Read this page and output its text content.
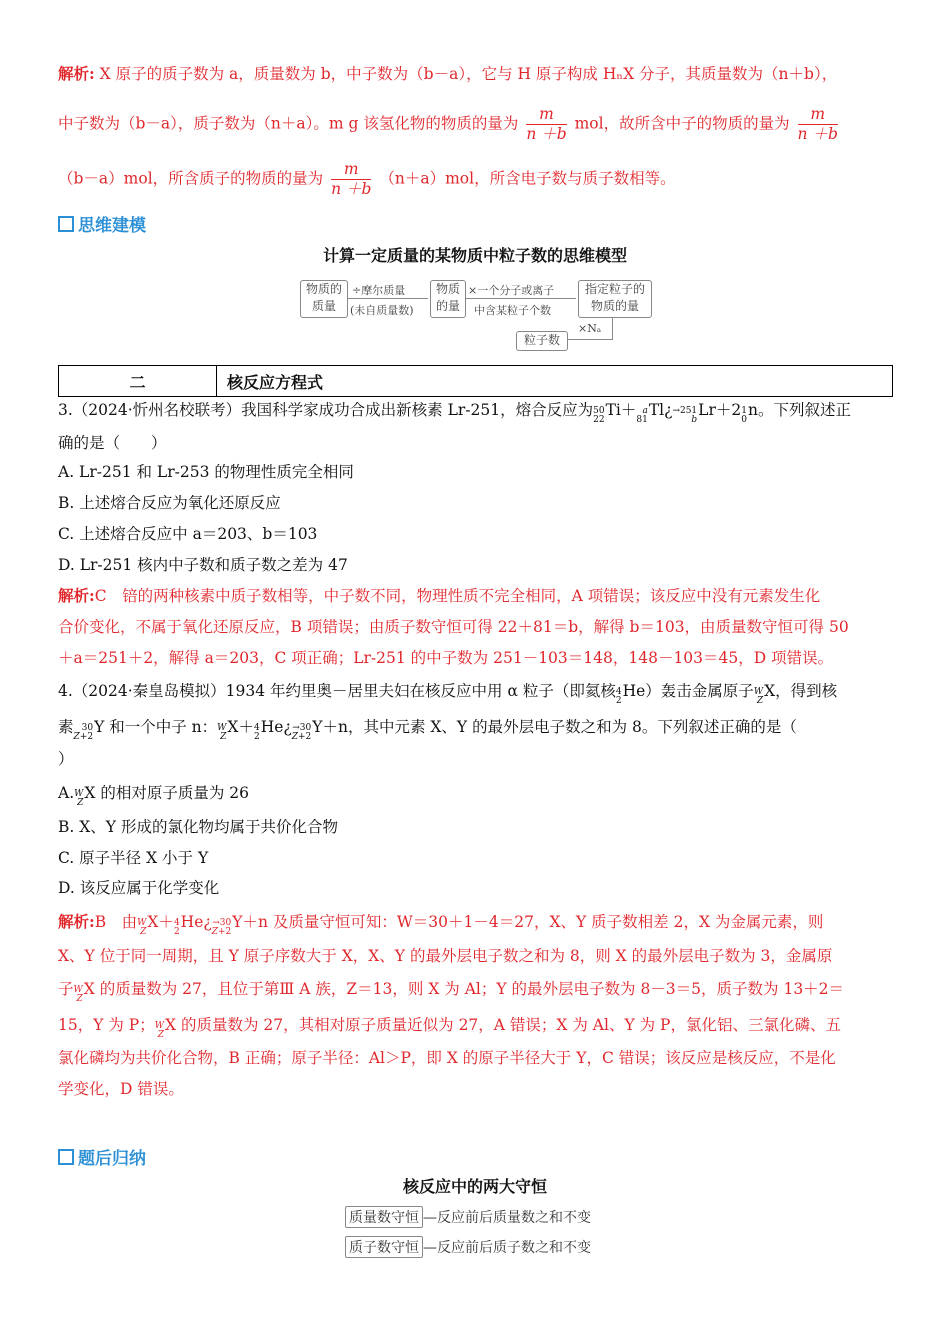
解析: X 原子的质子数为 a，质量数为 b，中子数为（b－a），它与 H 原子构成 HₙX 分子，其质量数为（n＋b），
中子数为（b－a），质子数为（n＋a）。m g 该氢化物的物质的量为 $\frac{m}{n +b}$ mol，故所含中子的物质的量为 $\frac{m}{n +b}$
（b－a）mol，所含质子的物质的量为 $\frac{m}{n +b} (n+a)mol$，所含电子数与质子数相等。
思维建模
计算一定质量的某物质中粒子数的思维模型
物质的
质量
÷摩尔质量
(未自质量数)
物质
的量
×一个分子或离子
中含某粒子个数
指定粒子的
物质的量
×Nₐ
粒子数
二	核反应方程式
3.（2024·忻州名校联考）我国科学家成功合成出新核素 Lr-251，熔合反应为 50
22
Ti＋ a
81
Tl¿ →251
b
Lr＋2 1
0
n。下列叙述正
确的是（　　）
A. Lr-251 和 Lr-253 的物理性质完全相同
B. 上述熔合反应为氧化还原反应
C. 上述熔合反应中 a＝203、b＝103
D. Lr-251 核内中子数和质子数之差为 47
解析:C　锫的两种核素中质子数相等，中子数不同，物理性质不完全相同，A 项错误；该反应中没有元素发生化
合价变化，不属于氧化还原反应，B 项错误；由质子数守恒可得 22＋81＝b，解得 b＝103，由质量数守恒可得 50
＋a＝251＋2，解得 a＝203，C 项正确；Lr-251 的中子数为 251－103＝148，148－103＝45，D 项错误。
4.（2024·秦皇岛模拟）1934 年约里奥－居里夫妇在核反应中用 α 粒子（即氦核 4
2
He）轰击金属原子 W
Z
X，得到核
素 30
Z+2
Y 和一个中子 n： W
Z
X＋ 4
2
He¿ →30
Z+2
Y＋n，其中元素 X、Y 的最外层电子数之和为 8。下列叙述正确的是（
）
A. W
Z
X 的相对原子质量为 26
B. X、Y 形成的氯化物均属于共价化合物
C. 原子半径 X 小于 Y
D. 该反应属于化学变化
解析:B　由 W
Z
X＋ 4
2
He¿ →30
Z+2
Y＋n 及质量守恒可知：W＝30＋1－4＝27，X、Y 质子数相差 2，X 为金属元素，则
X、Y 位于同一周期，且 Y 原子序数大于 X，X、Y 的最外层电子数之和为 8，则 X 的最外层电子数为 3，金属原
子 W
Z
X 的质量数为 27，且位于第Ⅲ A 族，Z＝13，则 X 为 Al；Y 的最外层电子数为 8－3＝5，质子数为 13＋2＝
15，Y 为 P； W
Z
X 的质量数为 27，其相对原子质量近似为 27，A 错误；X 为 Al、Y 为 P，氯化铝、三氯化磷、五
氯化磷均为共价化合物，B 正确；原子半径：Al＞P，即 X 的原子半径大于 Y，C 错误；该反应是核反应，不是化
学变化，D 错误。
题后归纳
核反应中的两大守恒
质量数守恒 —反应前后质量数之和不变
质子数守恒 —反应前后质子数之和不变
